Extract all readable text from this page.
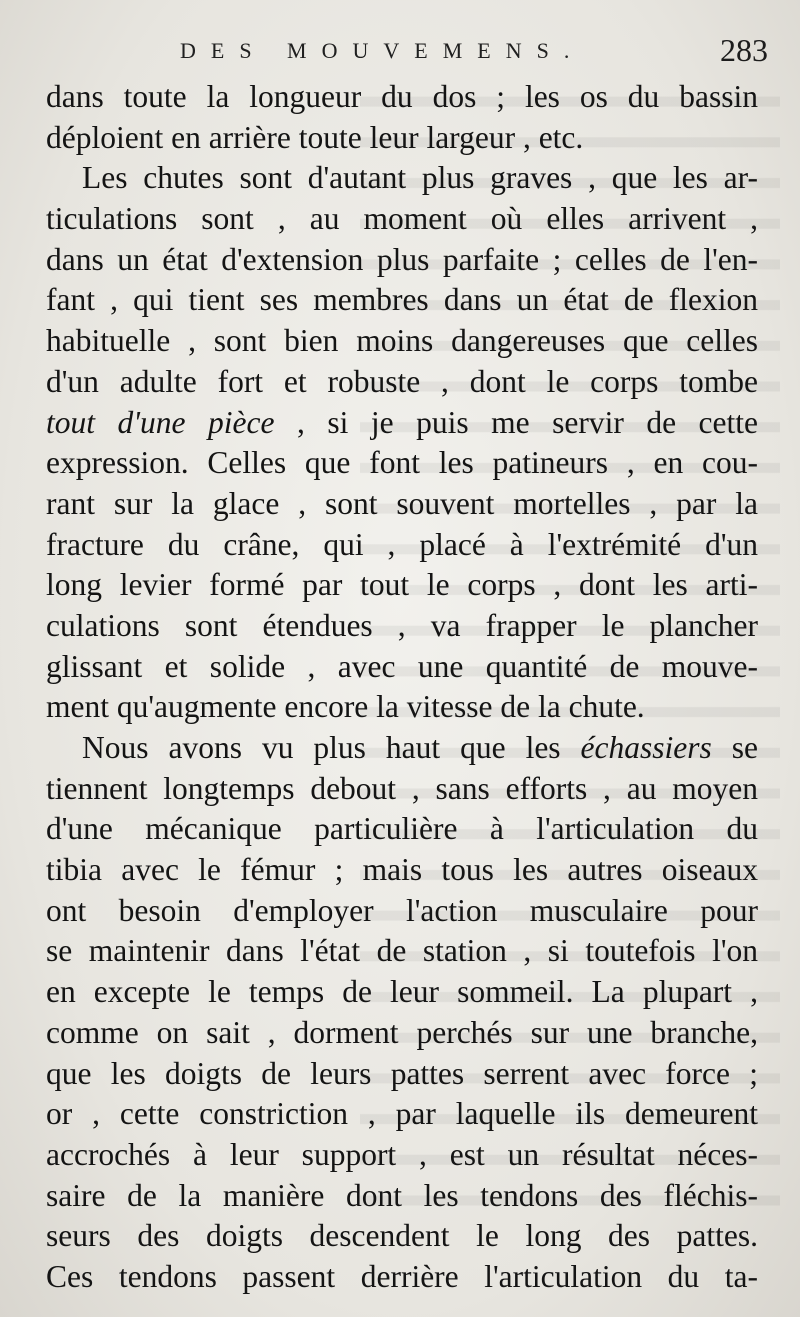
DES MOUVEMENS.	283
dans toute la longueur du dos ; les os du bassin
déploient en arrière toute leur largeur , etc.
Les chutes sont d'autant plus graves , que les ar-
ticulations sont , au moment où elles arrivent ,
dans un état d'extension plus parfaite ; celles de l'en-
fant , qui tient ses membres dans un état de flexion
habituelle , sont bien moins dangereuses que celles
d'un adulte fort et robuste , dont le corps tombe
tout d'une pièce , si je puis me servir de cette
expression. Celles que font les patineurs , en cou-
rant sur la glace , sont souvent mortelles , par la
fracture du crâne, qui , placé à l'extrémité d'un
long levier formé par tout le corps , dont les arti-
culations sont étendues , va frapper le plancher
glissant et solide , avec une quantité de mouve-
ment qu'augmente encore la vitesse de la chute.
Nous avons vu plus haut que les échassiers se
tiennent longtemps debout , sans efforts , au moyen
d'une mécanique particulière à l'articulation du
tibia avec le fémur ; mais tous les autres oiseaux
ont besoin d'employer l'action musculaire pour
se maintenir dans l'état de station , si toutefois l'on
en excepte le temps de leur sommeil. La plupart ,
comme on sait , dorment perchés sur une branche,
que les doigts de leurs pattes serrent avec force ;
or , cette constriction , par laquelle ils demeurent
accrochés à leur support , est un résultat néces-
saire de la manière dont les tendons des fléchis-
seurs des doigts descendent le long des pattes.
Ces tendons passent derrière l'articulation du ta-
